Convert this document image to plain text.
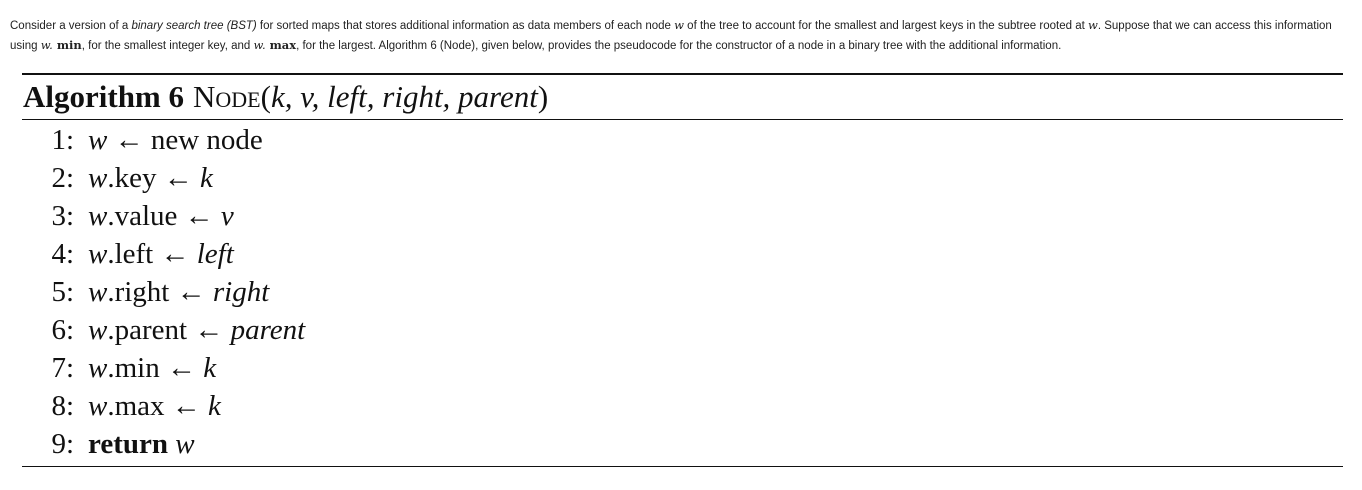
Consider a version of a binary search tree (BST) for sorted maps that stores additional information as data members of each node w of the tree to account for the smallest and largest keys in the subtree rooted at w. Suppose that we can access this information using w. min, for the smallest integer key, and w. max, for the largest. Algorithm 6 (Node), given below, provides the pseudocode for the constructor of a node in a binary tree with the additional information.
Algorithm 6 Node ( k, v, left, right, parent )
1: w ← new node
2: w .key ← k
3: w .value ← v
4: w .left ← left
5: w .right ← right
6: w .parent ← parent
7: w .min ← k
8: w .max ← k
9: return
w
